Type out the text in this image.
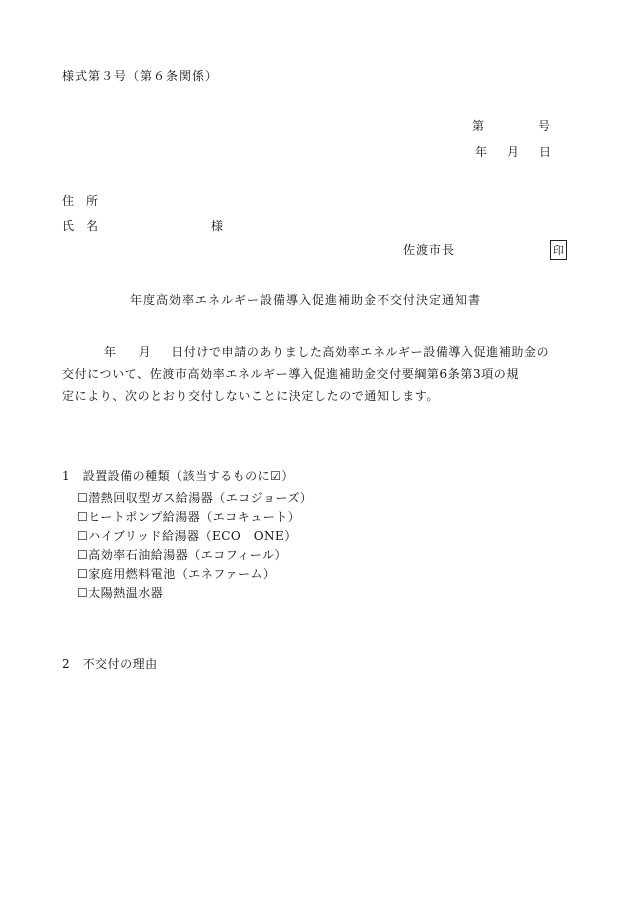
様式第３号（第６条関係）
第	号
年 月 日
住　所
氏　名	様
佐渡市長	印
年度高効率エネルギー設備導入促進補助金不交付決定通知書
年 月 日付けで申請のありました高効率エネルギー設備導入促進補助金の
交付について、佐渡市高効率エネルギー導入促進補助金交付要綱第6条第3項の規
定により、次のとおり交付しないことに決定したので通知します。
1　設置設備の種類（該当するものに☑）
☐潜熱回収型ガス給湯器（エコジョーズ）
☐ヒートポンプ給湯器（エコキュート）
☐ハイブリッド給湯器（ECO　ONE）
☐高効率石油給湯器（エコフィール）
☐家庭用燃料電池（エネファーム）
☐太陽熱温水器
2　不交付の理由
